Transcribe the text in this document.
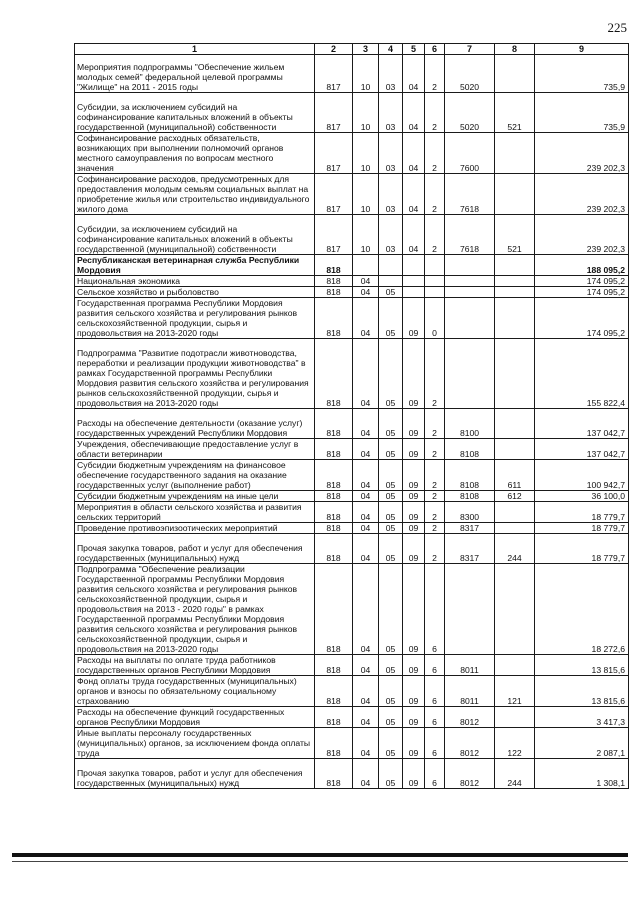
225
1	2	3	4	5	6	7	8	9
Мероприятия подпрограммы "Обеспечение жильем молодых семей" федеральной целевой программы "Жилище" на 2011 - 2015 годы	817	10	03	04	2	5020		735,9
Субсидии, за исключением субсидий на софинансирование капитальных вложений в объекты государственной (муниципальной) собственности	817	10	03	04	2	5020	521	735,9
Софинансирование расходных обязательств, возникающих при выполнении полномочий органов местного самоуправления по вопросам местного значения	817	10	03	04	2	7600		239 202,3
Софинансирование расходов, предусмотренных для предоставления молодым семьям социальных выплат на приобретение жилья или строительство индивидуального жилого дома	817	10	03	04	2	7618		239 202,3
Субсидии, за исключением субсидий на софинансирование капитальных вложений в объекты государственной (муниципальной) собственности	817	10	03	04	2	7618	521	239 202,3
Республиканская ветеринарная служба Республики Мордовия	818							188 095,2
Национальная экономика	818	04						174 095,2
Сельское хозяйство и рыболовство	818	04	05					174 095,2
Государственная программа Республики Мордовия развития сельского хозяйства и регулирования рынков сельскохозяйственной продукции, сырья и продовольствия на 2013-2020 годы	818	04	05	09	0			174 095,2
Подпрограмма "Развитие подотрасли животноводства, переработки и реализации продукции животноводства" в рамках Государственной программы Республики Мордовия развития сельского хозяйства и регулирования рынков сельскохозяйственной продукции, сырья и продовольствия на 2013-2020 годы	818	04	05	09	2			155 822,4
Расходы на обеспечение деятельности (оказание услуг) государственных учреждений Республики Мордовия	818	04	05	09	2	8100		137 042,7
Учреждения, обеспечивающие предоставление услуг в области ветеринарии	818	04	05	09	2	8108		137 042,7
Субсидии бюджетным учреждениям на финансовое обеспечение государственного задания на оказание государственных услуг (выполнение работ)	818	04	05	09	2	8108	611	100 942,7
Субсидии бюджетным учреждениям на иные цели	818	04	05	09	2	8108	612	36 100,0
Мероприятия в области сельского хозяйства и развития сельских территорий	818	04	05	09	2	8300		18 779,7
Проведение противоэпизоотических мероприятий	818	04	05	09	2	8317		18 779,7
Прочая закупка товаров, работ и услуг для обеспечения государственных (муниципальных) нужд	818	04	05	09	2	8317	244	18 779,7
Подпрограмма "Обеспечение реализации Государственной программы Республики Мордовия развития сельского хозяйства и регулирования рынков сельскохозяйственной продукции, сырья и продовольствия на 2013 - 2020 годы" в рамках Государственной программы Республики Мордовия развития сельского хозяйства и регулирования рынков сельскохозяйственной продукции, сырья и продовольствия на 2013-2020 годы	818	04	05	09	6			18 272,6
Расходы на выплаты по оплате труда работников государственных органов Республики Мордовия	818	04	05	09	6	8011		13 815,6
Фонд оплаты труда государственных (муниципальных) органов и взносы по обязательному социальному страхованию	818	04	05	09	6	8011	121	13 815,6
Расходы на обеспечение функций государственных органов Республики Мордовия	818	04	05	09	6	8012		3 417,3
Иные выплаты персоналу государственных (муниципальных) органов, за исключением фонда оплаты труда	818	04	05	09	6	8012	122	2 087,1
Прочая закупка товаров, работ и услуг для обеспечения государственных (муниципальных) нужд	818	04	05	09	6	8012	244	1 308,1
